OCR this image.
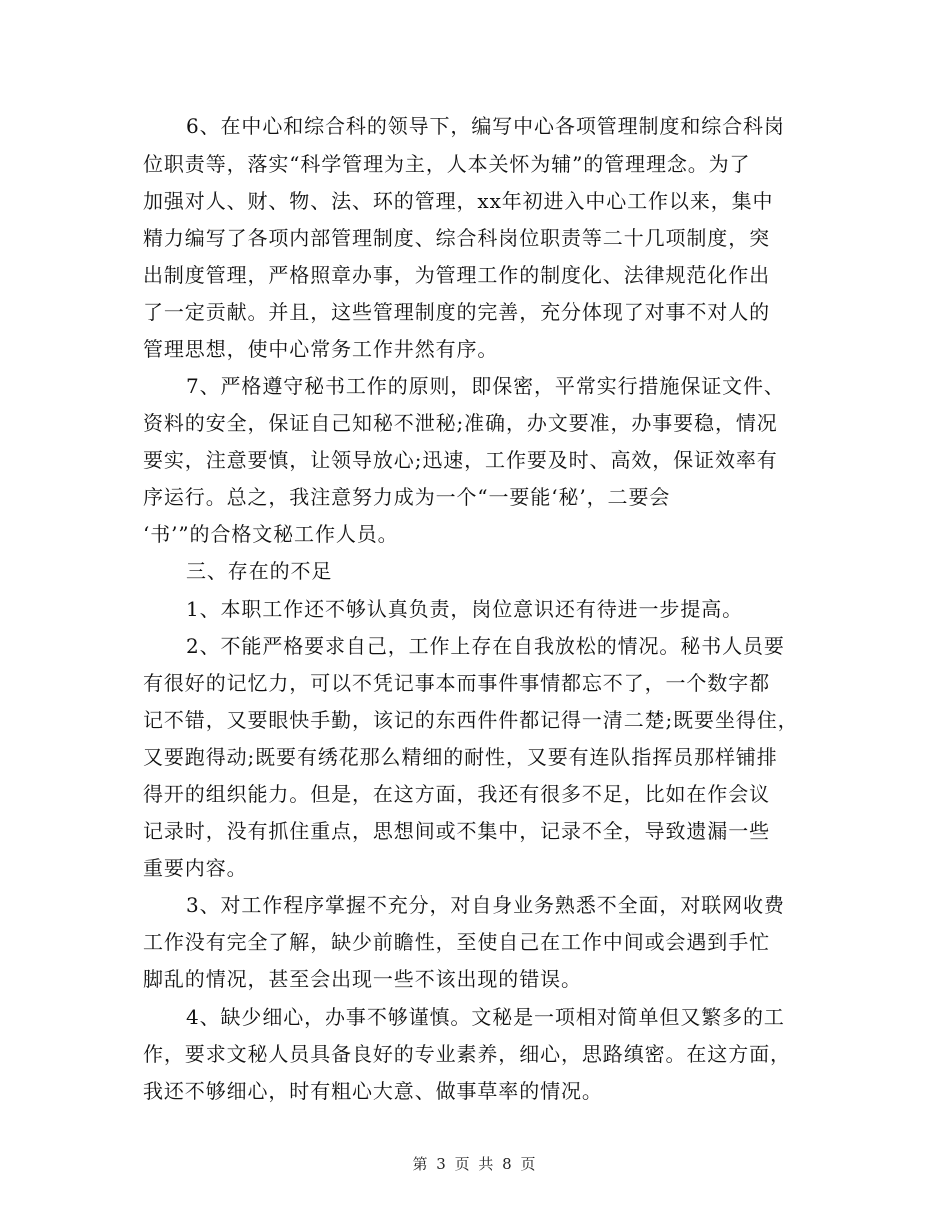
6、在中心和综合科的领导下，编写中心各项管理制度和综合科岗
位职责等，落实“科学管理为主，人本关怀为辅”的管理理念。为了
加强对人、财、物、法、环的管理，xx年初进入中心工作以来，集中
精力编写了各项内部管理制度、综合科岗位职责等二十几项制度，突
出制度管理，严格照章办事，为管理工作的制度化、法律规范化作出
了一定贡献。并且，这些管理制度的完善，充分体现了对事不对人的
管理思想，使中心常务工作井然有序。
7、严格遵守秘书工作的原则，即保密，平常实行措施保证文件、
资料的安全，保证自己知秘不泄秘;准确，办文要准，办事要稳，情况
要实，注意要慎，让领导放心;迅速，工作要及时、高效，保证效率有
序运行。总之，我注意努力成为一个“一要能‘秘’，二要会
‘书’”的合格文秘工作人员。
三、存在的不足
1、本职工作还不够认真负责，岗位意识还有待进一步提高。
2、不能严格要求自己，工作上存在自我放松的情况。秘书人员要
有很好的记忆力，可以不凭记事本而事件事情都忘不了，一个数字都
记不错，又要眼快手勤，该记的东西件件都记得一清二楚;既要坐得住，
又要跑得动;既要有绣花那么精细的耐性，又要有连队指挥员那样铺排
得开的组织能力。但是，在这方面，我还有很多不足，比如在作会议
记录时，没有抓住重点，思想间或不集中，记录不全，导致遗漏一些
重要内容。
3、对工作程序掌握不充分，对自身业务熟悉不全面，对联网收费
工作没有完全了解，缺少前瞻性，至使自己在工作中间或会遇到手忙
脚乱的情况，甚至会出现一些不该出现的错误。
4、缺少细心，办事不够谨慎。文秘是一项相对简单但又繁多的工
作，要求文秘人员具备良好的专业素养，细心，思路缜密。在这方面，
我还不够细心，时有粗心大意、做事草率的情况。
第 3 页 共 8 页
